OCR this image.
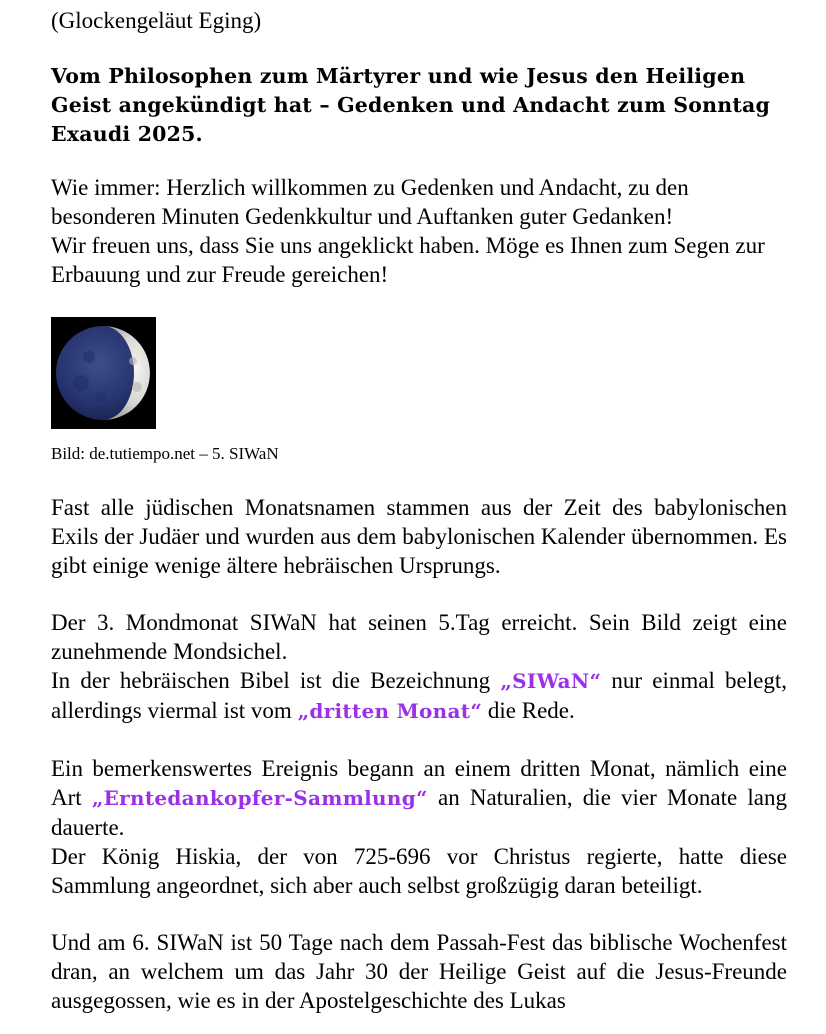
(Glockengeläut Eging)
Vom Philosophen zum Märtyrer und wie Jesus den Heiligen Geist angekündigt hat – Gedenken und Andacht zum Sonntag Exaudi 2025.
Wie immer: Herzlich willkommen zu Gedenken und Andacht, zu den besonderen Minuten Gedenkkultur und Auftanken guter Gedanken!
Wir freuen uns, dass Sie uns angeklickt haben. Möge es Ihnen zum Segen zur Erbauung und zur Freude gereichen!
Bild: de.tutiempo.net – 5. SIWaN
Fast alle jüdischen Monatsnamen stammen aus der Zeit des babylonischen Exils der Judäer und wurden aus dem babylonischen Kalender übernommen. Es gibt einige wenige ältere hebräischen Ursprungs.
Der 3. Mondmonat SIWaN hat seinen 5.Tag erreicht. Sein Bild zeigt eine zunehmende Mondsichel.
In der hebräischen Bibel ist die Bezeichnung „SIWaN“ nur einmal belegt, allerdings viermal ist vom „dritten Monat“ die Rede.
Ein bemerkenswertes Ereignis begann an einem dritten Monat, nämlich eine Art „Erntedankopfer-Sammlung“ an Naturalien, die vier Monate lang dauerte.
Der König Hiskia, der von 725-696 vor Christus regierte, hatte diese Sammlung angeordnet, sich aber auch selbst großzügig daran beteiligt.
Und am 6. SIWaN ist 50 Tage nach dem Passah-Fest das biblische Wochenfest dran, an welchem um das Jahr 30 der Heilige Geist auf die Jesus-Freunde ausgegossen, wie es in der Apostelgeschichte des Lukas
